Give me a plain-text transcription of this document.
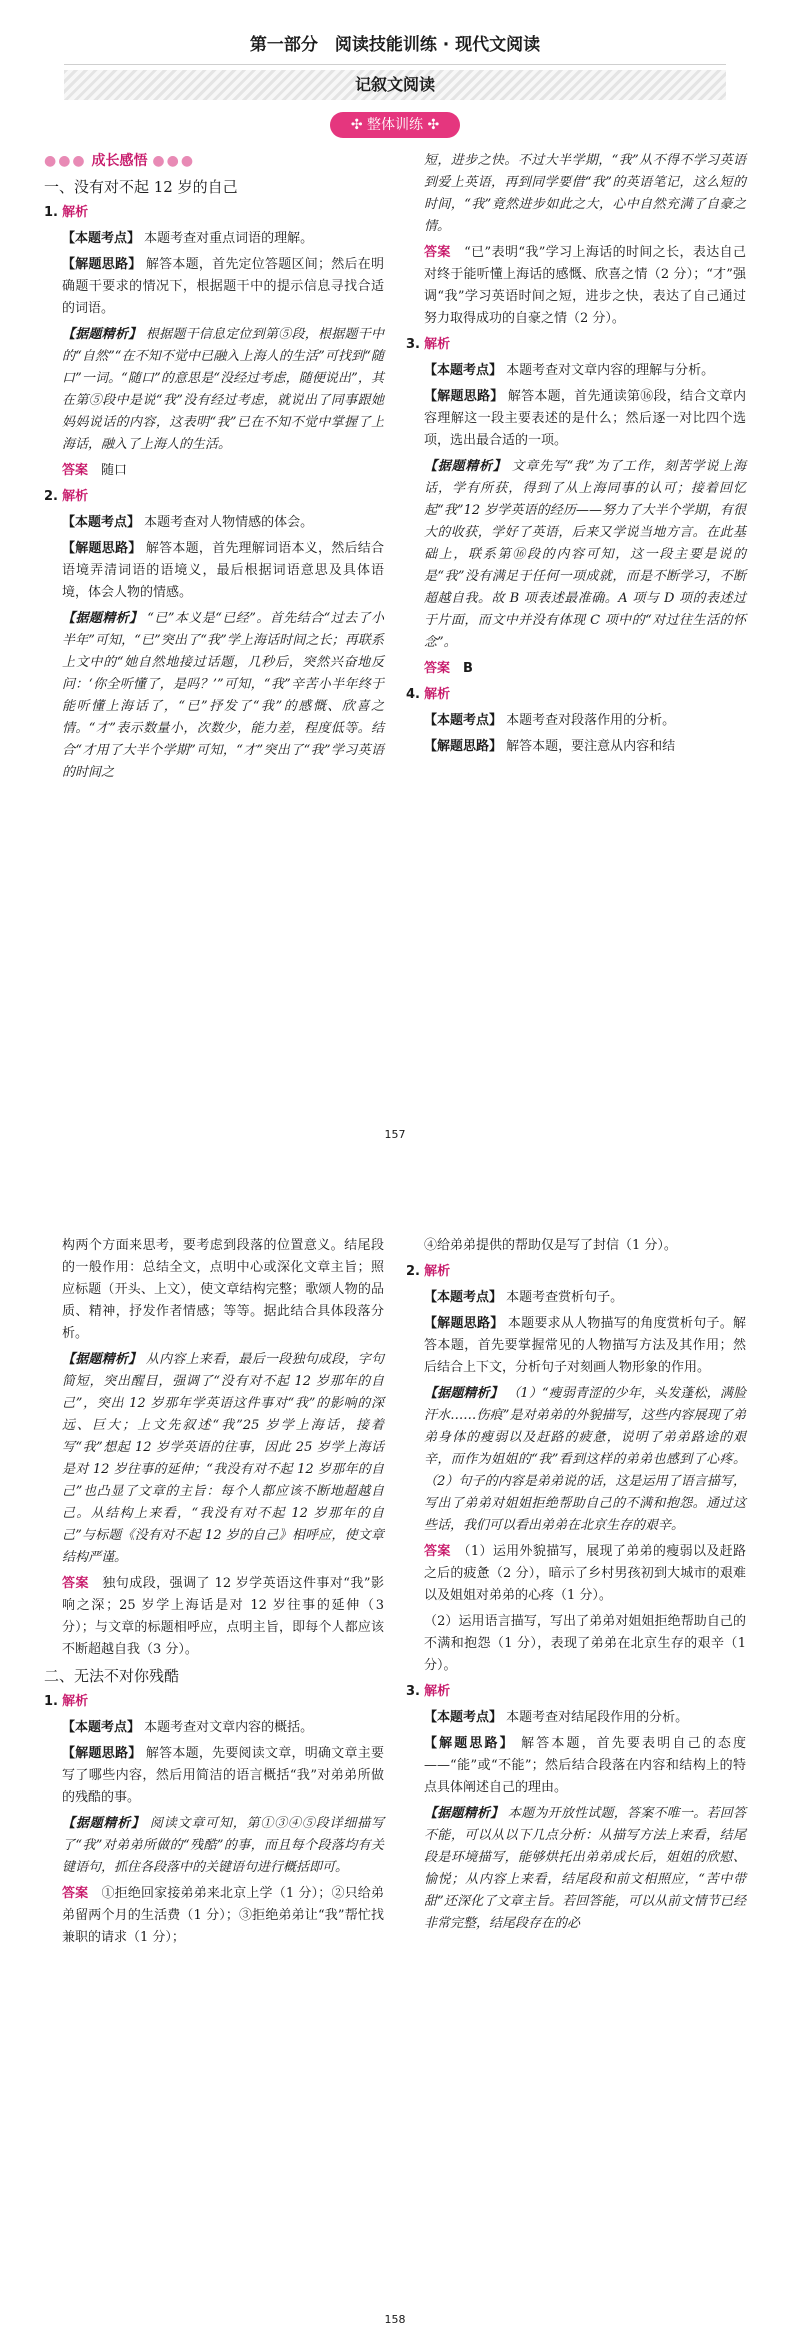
第一部分　阅读技能训练 · 现代文阅读
记叙文阅读
✣ 整体训练 ✣

●●● 成长感悟 ●●●

一、没有对不起 12 岁的自己

1. 解析

【本题考点】 本题考查对重点词语的理解。

【解题思路】 解答本题，首先定位答题区间；然后在明确题干要求的情况下，根据题干中的提示信息寻找合适的词语。

【据题精析】 根据题干信息定位到第⑤段，根据题干中的“自然”“在不知不觉中已融入上海人的生活”可找到“随口”一词。“随口”的意思是“没经过考虑，随便说出”，其在第⑤段中是说“我”没有经过考虑，就说出了同事跟她妈妈说话的内容，这表明“我”已在不知不觉中掌握了上海话，融入了上海人的生活。

答案　 随口

2. 解析

【本题考点】 本题考查对人物情感的体会。

【解题思路】 解答本题，首先理解词语本义，然后结合语境弄清词语的语境义，最后根据词语意思及具体语境，体会人物的情感。

【据题精析】 “已”本义是“已经”。首先结合“过去了小半年”可知，“已”突出了“我”学上海话时间之长；再联系上文中的“她自然地接过话题，几秒后，突然兴奋地反问：‘你全听懂了，是吗？’”可知，“我”辛苦小半年终于能听懂上海话了，“已”抒发了“我”的感慨、欣喜之情。“才”表示数量小，次数少，能力差，程度低等。结合“才用了大半个学期”可知，“才”突出了“我”学习英语的时间之

短，进步之快。不过大半学期，“我”从不得不学习英语到爱上英语，再到同学要借“我”的英语笔记，这么短的时间，“我”竟然进步如此之大，心中自然充满了自豪之情。

答案　 “已”表明“我”学习上海话的时间之长，表达自己对终于能听懂上海话的感慨、欣喜之情（2 分）；“才”强调“我”学习英语时间之短，进步之快，表达了自己通过努力取得成功的自豪之情（2 分）。

3. 解析

【本题考点】 本题考查对文章内容的理解与分析。

【解题思路】 解答本题，首先通读第⑯段，结合文章内容理解这一段主要表述的是什么；然后逐一对比四个选项，选出最合适的一项。

【据题精析】 文章先写“我”为了工作，刻苦学说上海话，学有所获，得到了从上海同事的认可；接着回忆起“我”12 岁学英语的经历——努力了大半个学期，有很大的收获，学好了英语，后来又学说当地方言。在此基础上，联系第⑯段的内容可知，这一段主要是说的是“我”没有满足于任何一项成就，而是不断学习，不断超越自我。故 B 项表述最准确。A 项与 D 项的表述过于片面，而文中并没有体现 C 项中的“对过往生活的怀念”。

答案　 B

4. 解析

【本题考点】 本题考查对段落作用的分析。

【解题思路】 解答本题，要注意从内容和结

157

构两个方面来思考，要考虑到段落的位置意义。结尾段的一般作用：总结全文，点明中心或深化文章主旨；照应标题（开头、上文），使文章结构完整；歌颂人物的品质、精神，抒发作者情感；等等。据此结合具体段落分析。

【据题精析】 从内容上来看，最后一段独句成段，字句简短，突出醒目，强调了“没有对不起 12 岁那年的自己”，突出 12 岁那年学英语这件事对“我”的影响的深远、巨大；上文先叙述“我”25 岁学上海话，接着写“我”想起 12 岁学英语的往事，因此 25 岁学上海话是对 12 岁往事的延伸；“我没有对不起 12 岁那年的自己”也凸显了文章的主旨：每个人都应该不断地超越自己。从结构上来看，“我没有对不起 12 岁那年的自己”与标题《没有对不起 12 岁的自己》相呼应，使文章结构严谨。

答案　 独句成段，强调了 12 岁学英语这件事对“我”影响之深；25 岁学上海话是对 12 岁往事的延伸（3 分）；与文章的标题相呼应，点明主旨，即每个人都应该不断超越自我（3 分）。

二、无法不对你残酷

1. 解析

【本题考点】 本题考查对文章内容的概括。

【解题思路】 解答本题，先要阅读文章，明确文章主要写了哪些内容，然后用简洁的语言概括“我”对弟弟所做的残酷的事。

【据题精析】 阅读文章可知，第①③④⑤段详细描写了“我”对弟弟所做的“残酷”的事，而且每个段落均有关键语句，抓住各段落中的关键语句进行概括即可。

答案　 ①拒绝回家接弟弟来北京上学（1 分）；②只给弟弟留两个月的生活费（1 分）；③拒绝弟弟让“我”帮忙找兼职的请求（1 分）；

④给弟弟提供的帮助仅是写了封信（1 分）。

2. 解析

【本题考点】 本题考查赏析句子。

【解题思路】 本题要求从人物描写的角度赏析句子。解答本题，首先要掌握常见的人物描写方法及其作用；然后结合上下文，分析句子对刻画人物形象的作用。

【据题精析】 （1）“瘦弱青涩的少年，头发蓬松，满脸汗水……伤痕”是对弟弟的外貌描写，这些内容展现了弟弟身体的瘦弱以及赶路的疲惫，说明了弟弟路途的艰辛，而作为姐姐的“我”看到这样的弟弟也感到了心疼。（2）句子的内容是弟弟说的话，这是运用了语言描写，写出了弟弟对姐姐拒绝帮助自己的不满和抱怨。通过这些话，我们可以看出弟弟在北京生存的艰辛。

答案　 （1）运用外貌描写，展现了弟弟的瘦弱以及赶路之后的疲惫（2 分），暗示了乡村男孩初到大城市的艰难以及姐姐对弟弟的心疼（1 分）。

（2）运用语言描写，写出了弟弟对姐姐拒绝帮助自己的不满和抱怨（1 分），表现了弟弟在北京生存的艰辛（1 分）。

3. 解析

【本题考点】 本题考查对结尾段作用的分析。

【解题思路】 解答本题，首先要表明自己的态度——“能”或“不能”；然后结合段落在内容和结构上的特点具体阐述自己的理由。

【据题精析】 本题为开放性试题，答案不唯一。若回答不能，可以从以下几点分析：从描写方法上来看，结尾段是环境描写，能够烘托出弟弟成长后，姐姐的欣慰、愉悦；从内容上来看，结尾段和前文相照应，“苦中带甜”还深化了文章主旨。若回答能，可以从前文情节已经非常完整，结尾段存在的必

158
